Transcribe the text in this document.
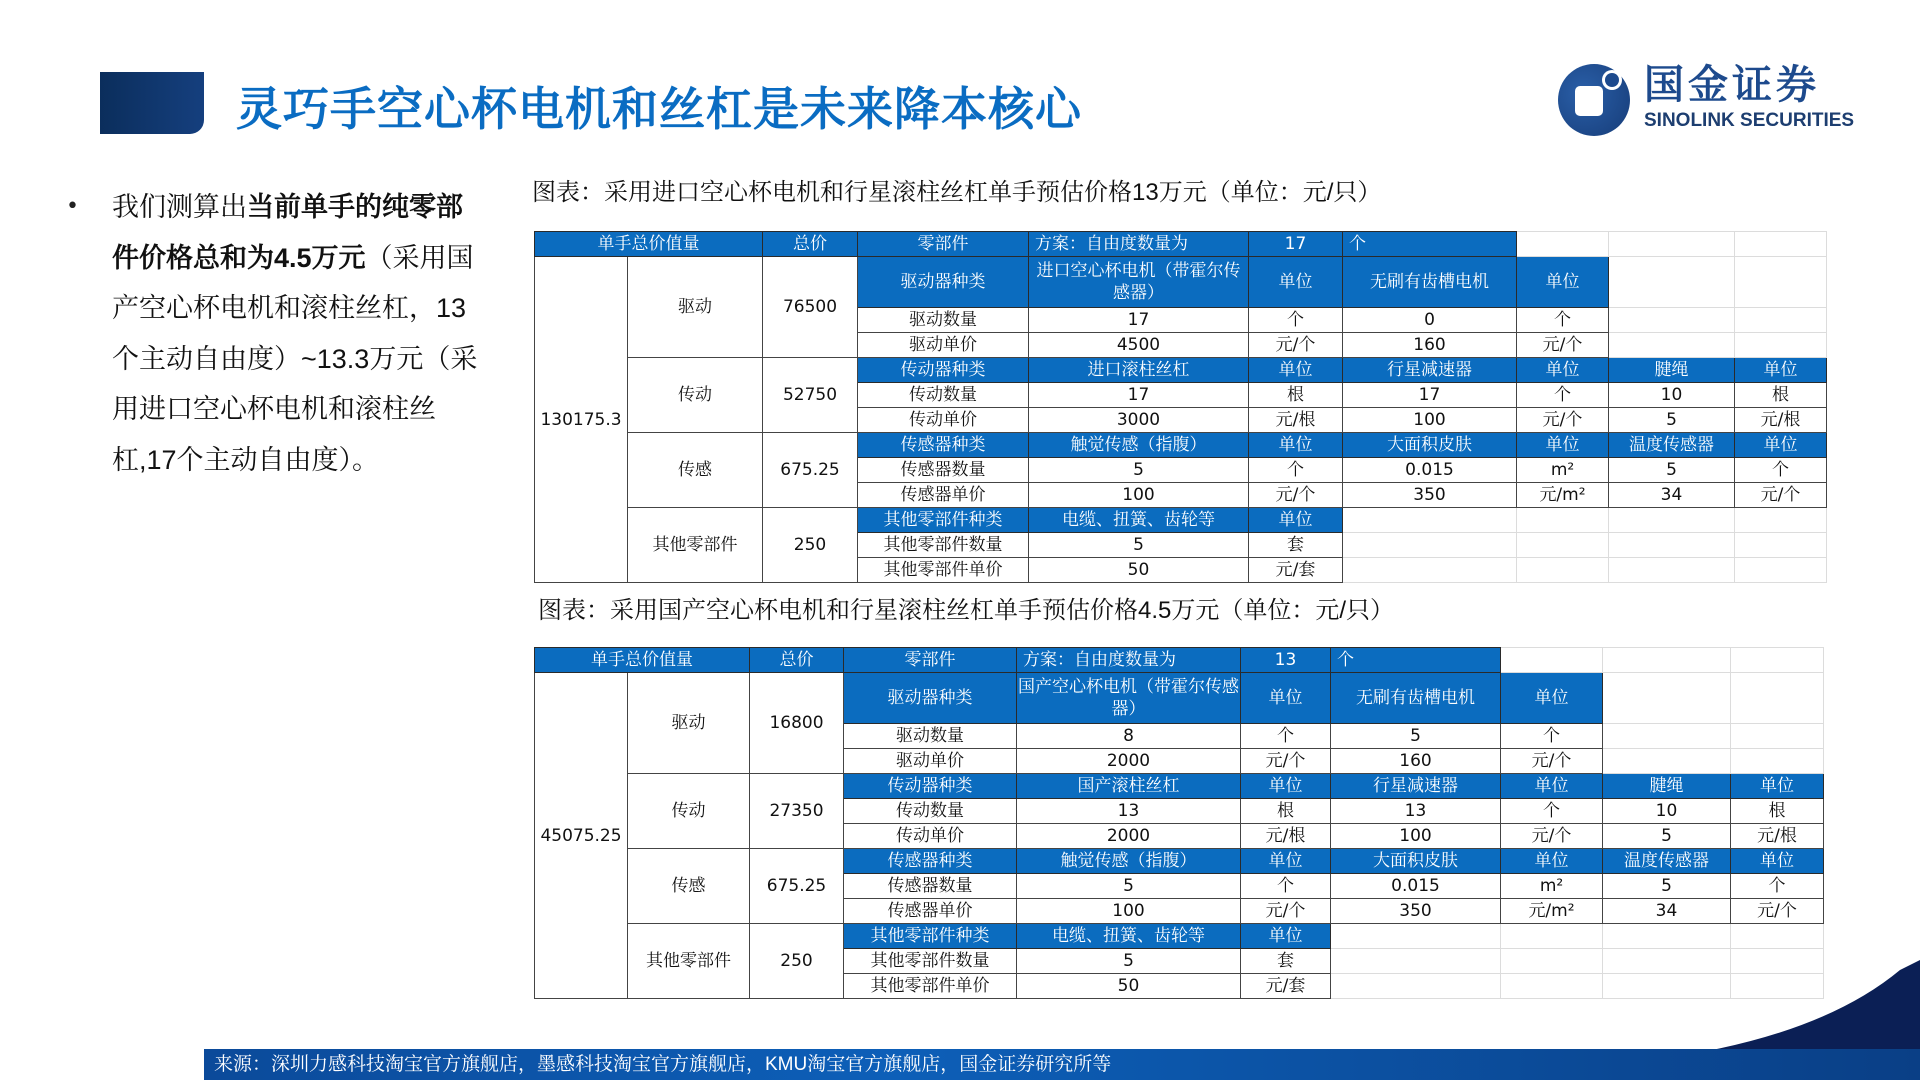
灵巧手空心杯电机和丝杠是未来降本核心	国金证券
SINOLINK SECURITIES
• 我们测算出当前单手的纯零部件价格总和为4.5万元（采用国产空心杯电机和滚柱丝杠，13个主动自由度）~13.3万元（采用进口空心杯电机和滚柱丝杠,17个主动自由度）。
图表：采用进口空心杯电机和行星滚柱丝杠单手预估价格13万元（单位：元/只）
单手总价值量		总价	零部件	方案：自由度数量为	17	个			
130175.3	驱动	76500	驱动器种类	进口空心杯电机（带霍尔传感器）	单位	无刷有齿槽电机	单位		
			驱动数量	17	个	0	个		
			驱动单价	4500	元/个	160	元/个		
	传动	52750	传动器种类	进口滚柱丝杠	单位	行星减速器	单位	腱绳	单位
			传动数量	17	根	17	个	10	根
			传动单价	3000	元/根	100	元/个	5	元/根
	传感	675.25	传感器种类	触觉传感（指腹）	单位	大面积皮肤	单位	温度传感器	单位
			传感器数量	5	个	0.015	m²	5	个
			传感器单价	100	元/个	350	元/m²	34	元/个
	其他零部件	250	其他零部件种类	电缆、扭簧、齿轮等	单位				
			其他零部件数量	5	套				
			其他零部件单价	50	元/套				
图表：采用国产空心杯电机和行星滚柱丝杠单手预估价格4.5万元（单位：元/只）
单手总价值量		总价	零部件	方案：自由度数量为	13	个			
45075.25	驱动	16800	驱动器种类	国产空心杯电机（带霍尔传感器）	单位	无刷有齿槽电机	单位		
			驱动数量	8	个	5	个		
			驱动单价	2000	元/个	160	元/个		
	传动	27350	传动器种类	国产滚柱丝杠	单位	行星减速器	单位	腱绳	单位
			传动数量	13	根	13	个	10	根
			传动单价	2000	元/根	100	元/个	5	元/根
	传感	675.25	传感器种类	触觉传感（指腹）	单位	大面积皮肤	单位	温度传感器	单位
			传感器数量	5	个	0.015	m²	5	个
			传感器单价	100	元/个	350	元/m²	34	元/个
	其他零部件	250	其他零部件种类	电缆、扭簧、齿轮等	单位				
			其他零部件数量	5	套				
			其他零部件单价	50	元/套				
来源：深圳力感科技淘宝官方旗舰店，墨感科技淘宝官方旗舰店，KMU淘宝官方旗舰店，国金证券研究所等
